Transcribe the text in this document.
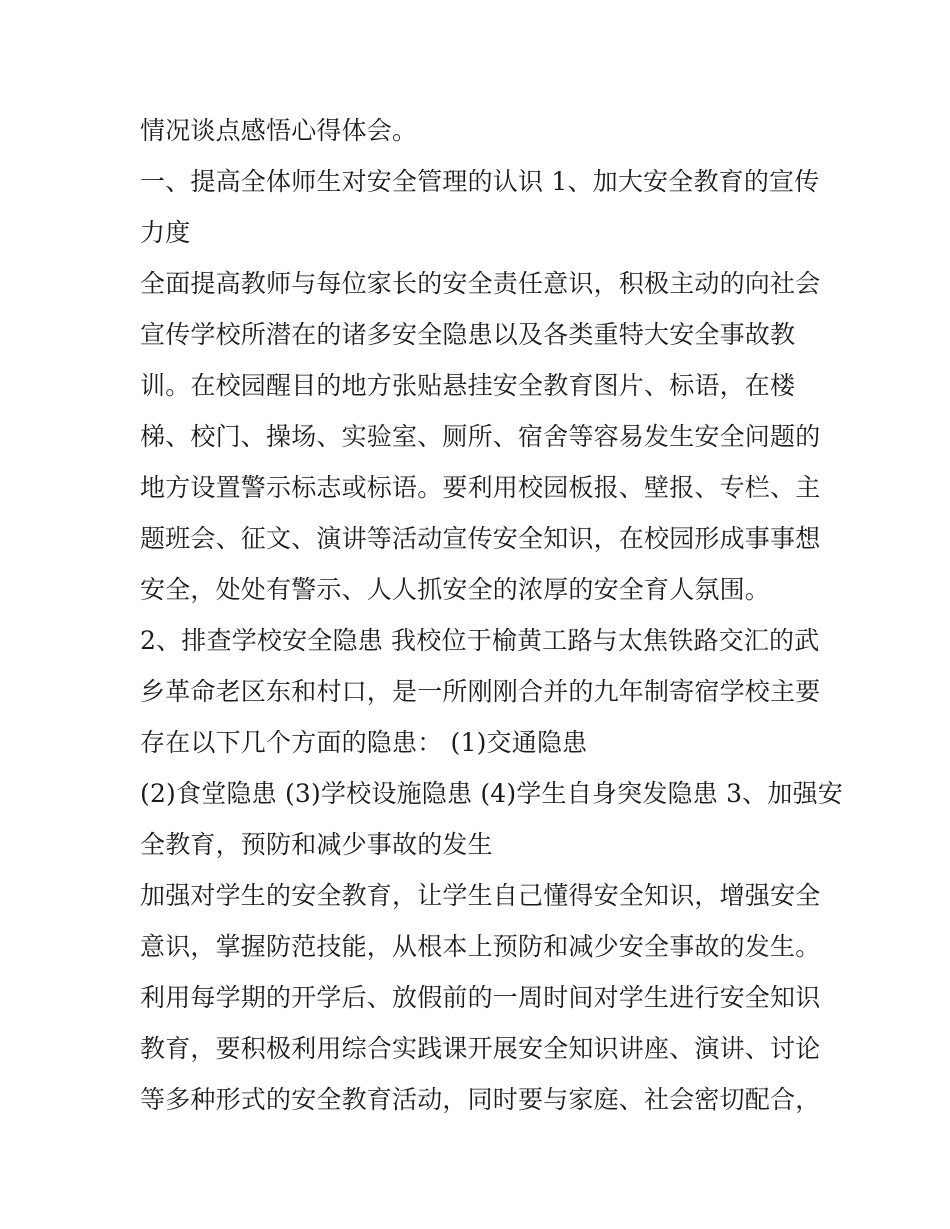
情况谈点感悟心得体会。
一、提高全体师生对安全管理的认识 1、加大安全教育的宣传
力度
全面提高教师与每位家长的安全责任意识，积极主动的向社会
宣传学校所潜在的诸多安全隐患以及各类重特大安全事故教
训。在校园醒目的地方张贴悬挂安全教育图片、标语，在楼
梯、校门、操场、实验室、厕所、宿舍等容易发生安全问题的
地方设置警示标志或标语。要利用校园板报、壁报、专栏、主
题班会、征文、演讲等活动宣传安全知识，在校园形成事事想
安全，处处有警示、人人抓安全的浓厚的安全育人氛围。
2、排查学校安全隐患 我校位于榆黄工路与太焦铁路交汇的武
乡革命老区东和村口，是一所刚刚合并的九年制寄宿学校主要
存在以下几个方面的隐患： (1)交通隐患
(2)食堂隐患 (3)学校设施隐患 (4)学生自身突发隐患 3、加强安
全教育，预防和减少事故的发生
加强对学生的安全教育，让学生自己懂得安全知识，增强安全
意识，掌握防范技能，从根本上预防和减少安全事故的发生。
利用每学期的开学后、放假前的一周时间对学生进行安全知识
教育，要积极利用综合实践课开展安全知识讲座、演讲、讨论
等多种形式的安全教育活动，同时要与家庭、社会密切配合，
